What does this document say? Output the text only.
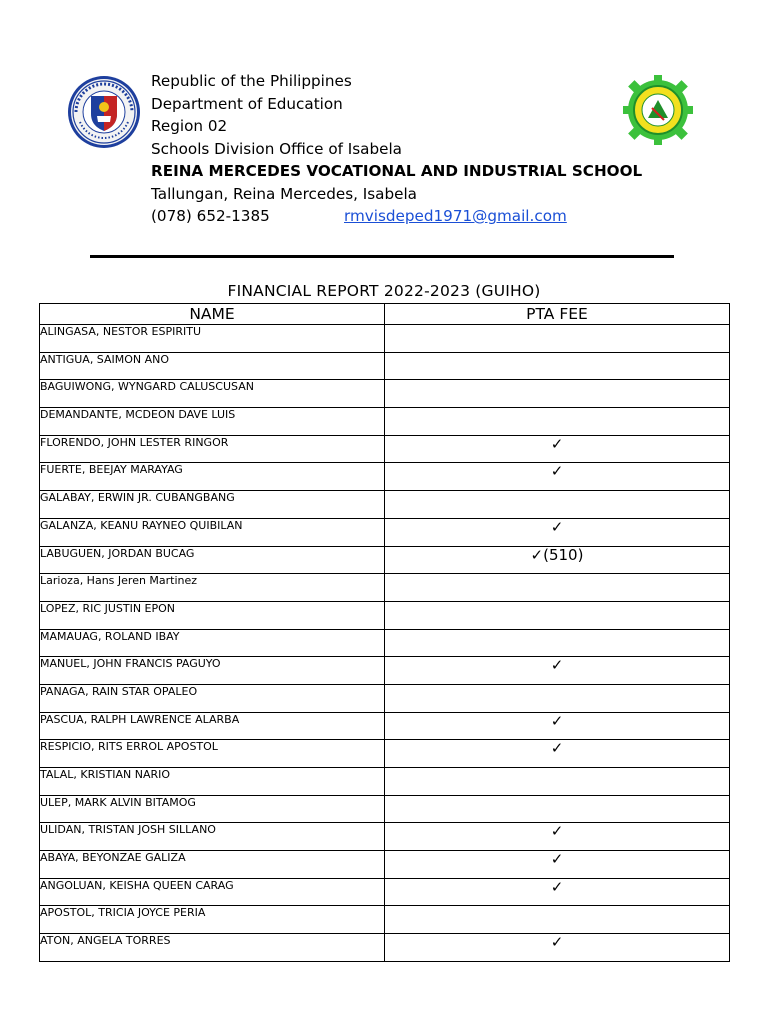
Republic of the Philippines
Department of Education
Region 02
Schools Division Office of Isabela
REINA MERCEDES VOCATIONAL AND INDUSTRIAL SCHOOL
Tallungan, Reina Mercedes, Isabela
(078) 652-1385	rmvisdeped1971@gmail.com
FINANCIAL REPORT 2022-2023 (GUIHO)
NAME	PTA FEE
ALINGASA, NESTOR ESPIRITU	
ANTIGUA, SAIMON ANO	
BAGUIWONG, WYNGARD CALUSCUSAN	
DEMANDANTE, MCDEON DAVE LUIS	
FLORENDO, JOHN LESTER RINGOR	✓
FUERTE, BEEJAY MARAYAG	✓
GALABAY, ERWIN JR. CUBANGBANG	
GALANZA, KEANU RAYNEO QUIBILAN	✓
LABUGUEN, JORDAN BUCAG	✓(510)
Larioza, Hans Jeren Martinez	
LOPEZ, RIC JUSTIN EPON	
MAMAUAG, ROLAND IBAY	
MANUEL, JOHN FRANCIS PAGUYO	✓
PANAGA, RAIN STAR OPALEO	
PASCUA, RALPH LAWRENCE ALARBA	✓
RESPICIO, RITS ERROL APOSTOL	✓
TALAL, KRISTIAN NARIO	
ULEP, MARK ALVIN BITAMOG	
ULIDAN, TRISTAN JOSH SILLANO	✓
ABAYA, BEYONZAE GALIZA	✓
ANGOLUAN, KEISHA QUEEN CARAG	✓
APOSTOL, TRICIA JOYCE PERIA	
ATON, ANGELA TORRES	✓
